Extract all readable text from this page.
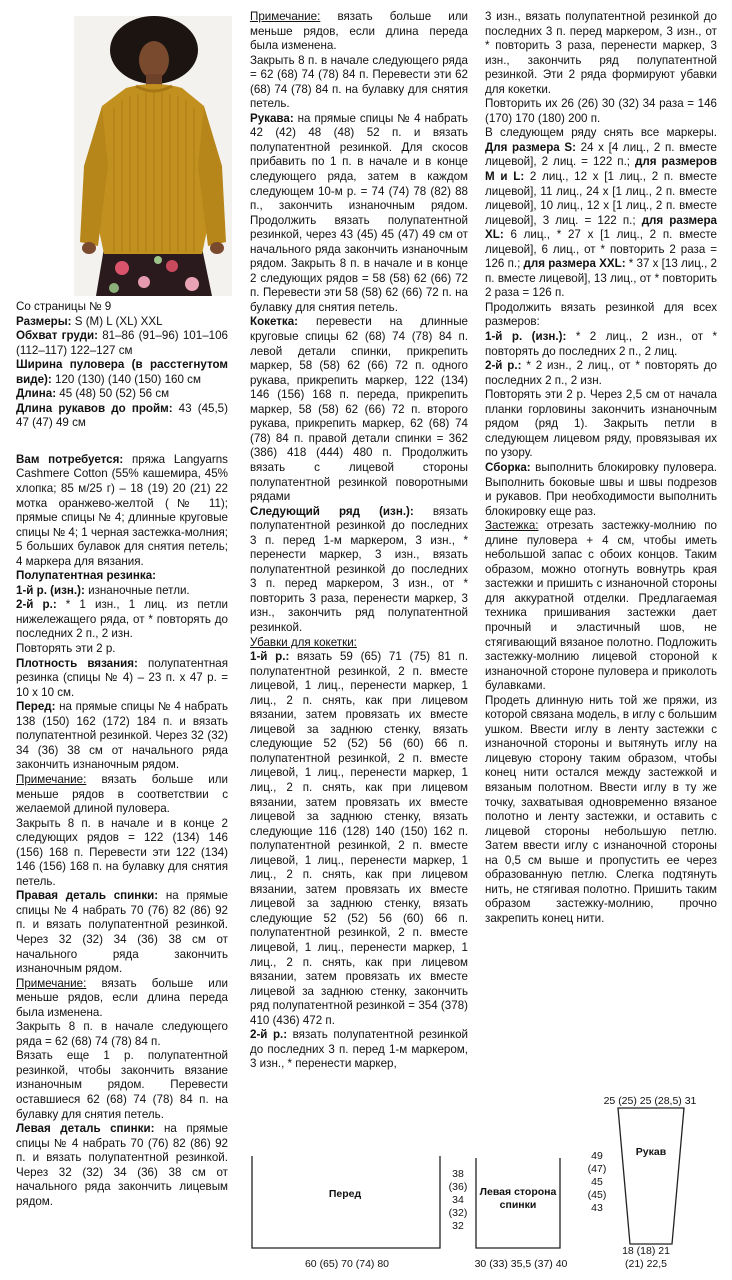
Со страницы № 9

Размеры: S (M) L (XL) XXL

Обхват груди: 81–86 (91–96) 101–106 (112–117) 122–127 см

Ширина пуловера (в расстегнутом виде): 120 (130) (140 (150) 160 см

Длина: 45 (48) 50 (52) 56 см

Длина рукавов до пройм: 43 (45,5) 47 (47) 49 см

Вам потребуется: пряжа Langyarns Cashmere Cotton (55% кашемира, 45% хлопка; 85 м/25 г) – 18 (19) 20 (21) 22 мотка оранжево-желтой (№ 11); прямые спицы № 4; длинные круговые спицы № 4; 1 черная застежка-молния; 5 больших булавок для снятия петель; 4 маркера для вязания.

Полупатентная резинка:

1-й р. (изн.): изнаночные петли.

2-й р.: * 1 изн., 1 лиц. из петли нижележащего ряда, от * повторять до последних 2 п., 2 изн.

Повторять эти 2 р.

Плотность вязания: полупатентная резинка (спицы № 4) – 23 п. х 47 р. = 10 х 10 см.

Перед: на прямые спицы № 4 набрать 138 (150) 162 (172) 184 п. и вязать полупатентной резинкой. Через 32 (32) 34 (36) 38 см от начального ряда закончить изнаночным рядом.

Примечание: вязать больше или меньше рядов в соответствии с желаемой длиной пуловера.

Закрыть 8 п. в начале и в конце 2 следующих рядов = 122 (134) 146 (156) 168 п. Перевести эти 122 (134) 146 (156) 168 п. на булавку для снятия петель.

Правая деталь спинки: на прямые спицы № 4 набрать 70 (76) 82 (86) 92 п. и вязать полупатентной резинкой. Через 32 (32) 34 (36) 38 см от начального ряда закончить изнаночным рядом.

Примечание: вязать больше или меньше рядов, если длина переда была изменена.

Закрыть 8 п. в начале следующего ряда = 62 (68) 74 (78) 84 п.

Вязать еще 1 р. полупатентной резинкой, чтобы закончить вязание изнаночным рядом. Перевести оставшиеся 62 (68) 74 (78) 84 п. на булавку для снятия петель.

Левая деталь спинки: на прямые спицы № 4 набрать 70 (76) 82 (86) 92 п. и вязать полупатентной резинкой. Через 32 (32) 34 (36) 38 см от начального ряда закончить лицевым рядом.

Примечание: вязать больше или меньше рядов, если длина переда была изменена.

Закрыть 8 п. в начале следующего ряда = 62 (68) 74 (78) 84 п. Перевести эти 62 (68) 74 (78) 84 п. на булавку для снятия петель.

Рукава: на прямые спицы № 4 набрать 42 (42) 48 (48) 52 п. и вязать полупатентной резинкой. Для скосов прибавить по 1 п. в начале и в конце следующего ряда, затем в каждом следующем 10-м р. = 74 (74) 78 (82) 88 п., закончить изнаночным рядом. Продолжить вязать полупатентной резинкой, через 43 (45) 45 (47) 49 см от начального ряда закончить изнаночным рядом. Закрыть 8 п. в начале и в конце 2 следующих рядов = 58 (58) 62 (66) 72 п. Перевести эти 58 (58) 62 (66) 72 п. на булавку для снятия петель.

Кокетка: перевести на длинные круговые спицы 62 (68) 74 (78) 84 п. левой детали спинки, прикрепить маркер, 58 (58) 62 (66) 72 п. одного рукава, прикрепить маркер, 122 (134) 146 (156) 168 п. переда, прикрепить маркер, 58 (58) 62 (66) 72 п. второго рукава, прикрепить маркер, 62 (68) 74 (78) 84 п. правой детали спинки = 362 (386) 418 (444) 480 п. Продолжить вязать с лицевой стороны полупатентной резинкой поворотными рядами

Следующий ряд (изн.): вязать полупатентной резинкой до последних 3 п. перед 1-м маркером, 3 изн., * перенести маркер, 3 изн., вязать полупатентной резинкой до последних 3 п. перед маркером, 3 изн., от * повторить 3 раза, перенести маркер, 3 изн., закончить ряд полупатентной резинкой.

Убавки для кокетки:

1-й р.: вязать 59 (65) 71 (75) 81 п. полупатентной резинкой, 2 п. вместе лицевой, 1 лиц., перенести маркер, 1 лиц., 2 п. снять, как при лицевом вязании, затем провязать их вместе лицевой за заднюю стенку, вязать следующие 52 (52) 56 (60) 66 п. полупатентной резинкой, 2 п. вместе лицевой, 1 лиц., перенести маркер, 1 лиц., 2 п. снять, как при лицевом вязании, затем провязать их вместе лицевой за заднюю стенку, вязать следующие 116 (128) 140 (150) 162 п. полупатентной резинкой, 2 п. вместе лицевой, 1 лиц., перенести маркер, 1 лиц., 2 п. снять, как при лицевом вязании, затем провязать их вместе лицевой за заднюю стенку, вязать следующие 52 (52) 56 (60) 66 п. полупатентной резинкой, 2 п. вместе лицевой, 1 лиц., перенести маркер, 1 лиц., 2 п. снять, как при лицевом вязании, затем провязать их вместе лицевой за заднюю стенку, закончить ряд полупатентной резинкой = 354 (378) 410 (436) 472 п.

2-й р.: вязать полупатентной резинкой до последних 3 п. перед 1-м маркером, 3 изн., * перенести маркер,

3 изн., вязать полупатентной резинкой до последних 3 п. перед маркером, 3 изн., от * повторить 3 раза, перенести маркер, 3 изн., закончить ряд полупатентной резинкой. Эти 2 ряда формируют убавки для кокетки.

Повторить их 26 (26) 30 (32) 34 раза = 146 (170) 170 (180) 200 п.

В следующем ряду снять все маркеры. Для размера S: 24 х [4 лиц., 2 п. вместе лицевой], 2 лиц. = 122 п.; для размеров M и L: 2 лиц., 12 х [1 лиц., 2 п. вместе лицевой], 11 лиц., 24 х [1 лиц., 2 п. вместе лицевой], 10 лиц., 12 х [1 лиц., 2 п. вместе лицевой], 3 лиц. = 122 п.; для размера XL: 6 лиц., * 27 х [1 лиц., 2 п. вместе лицевой], 6 лиц., от * повторить 2 раза = 126 п.; для размера XXL: * 37 х [13 лиц., 2 п. вместе лицевой], 13 лиц., от * повторить 2 раза = 126 п.

Продолжить вязать резинкой для всех размеров:

1-й р. (изн.): * 2 лиц., 2 изн., от * повторять до последних 2 п., 2 лиц.

2-й р.: * 2 изн., 2 лиц., от * повторять до последних 2 п., 2 изн.

Повторять эти 2 р. Через 2,5 см от начала планки горловины закончить изнаночным рядом (ряд 1). Закрыть петли в следующем лицевом ряду, провязывая их по узору.

Сборка: выполнить блокировку пуловера. Выполнить боковые швы и швы подрезов и рукавов. При необходимости выполнить блокировку еще раз.

Застежка: отрезать застежку-молнию по длине пуловера + 4 см, чтобы иметь небольшой запас с обоих концов. Таким образом, можно отогнуть вовнутрь края застежки и пришить с изнаночной стороны для аккуратной отделки. Предлагаемая техника пришивания застежки дает прочный и эластичный шов, не стягивающий вязаное полотно. Подложить застежку-молнию лицевой стороной к изнаночной стороне пуловера и приколоть булавками.

Продеть длинную нить той же пряжи, из которой связана модель, в иглу с большим ушком. Ввести иглу в ленту застежки с изнаночной стороны и вытянуть иглу на лицевую сторону таким образом, чтобы конец нити остался между застежкой и вязаным полотном. Ввести иглу в ту же точку, захватывая одновременно вязаное полотно и ленту застежки, и оставить с лицевой стороны небольшую петлю. Затем ввести иглу с изнаночной стороны на 0,5 см выше и пропустить ее через образованную петлю. Слегка подтянуть нить, не стягивая полотно. Пришить таким образом застежку-молнию, прочно закрепить конец нити.

Перед
60 (65) 70 (74) 80
38
(36)
34
(32)
32
Левая сторона спинки
30 (33) 35,5 (37) 40
25 (25) 25 (28,5) 31
Рукав
49
(47)
45
(45)
43
18 (18) 21
(21) 22,5
